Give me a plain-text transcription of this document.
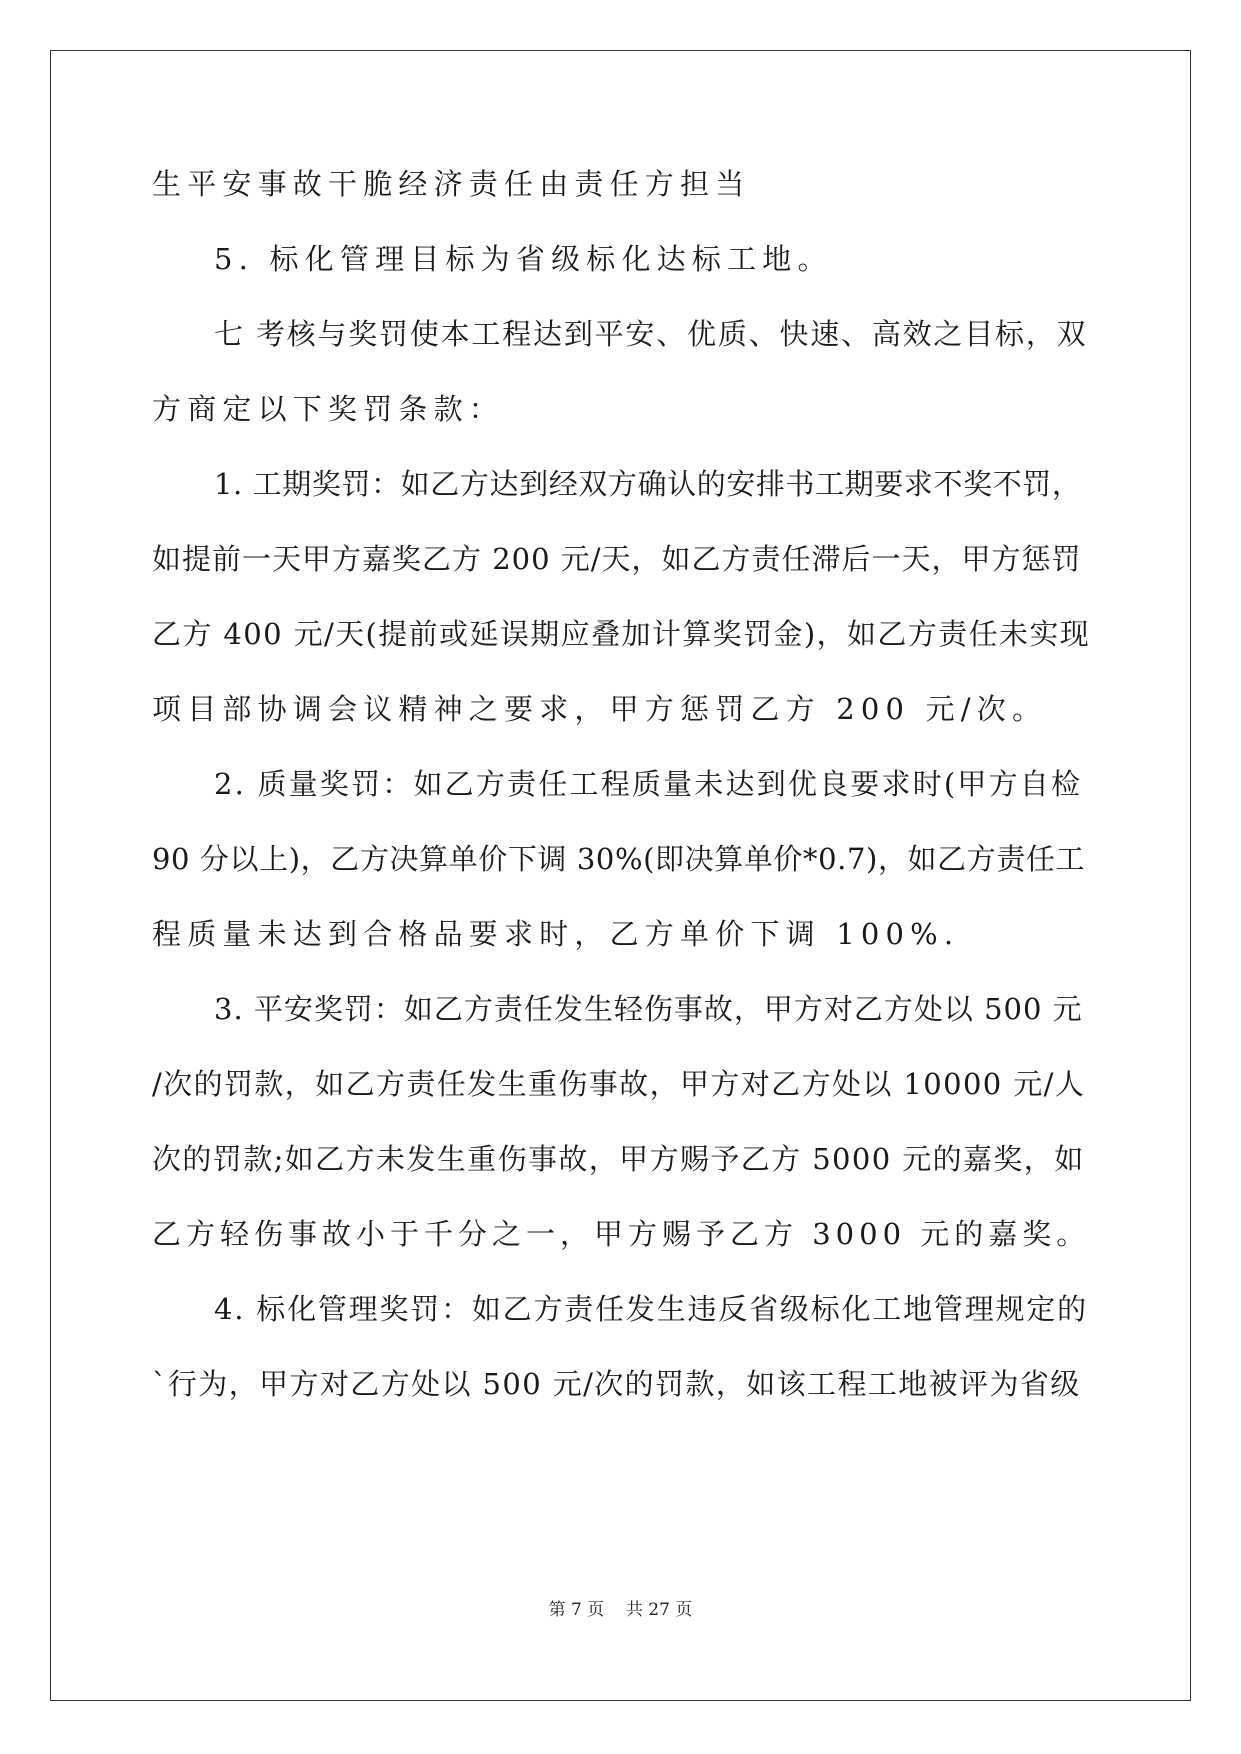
生平安事故干脆经济责任由责任方担当
5. 标化管理目标为省级标化达标工地。
七 考核与奖罚使本工程达到平安、优质、快速、高效之目标，双
方商定以下奖罚条款：
1. 工期奖罚：如乙方达到经双方确认的安排书工期要求不奖不罚，
如提前一天甲方嘉奖乙方 200 元/天，如乙方责任滞后一天，甲方惩罚
乙方 400 元/天(提前或延误期应叠加计算奖罚金)，如乙方责任未实现
项目部协调会议精神之要求，甲方惩罚乙方 200 元/次。
2. 质量奖罚：如乙方责任工程质量未达到优良要求时(甲方自检
90 分以上)，乙方决算单价下调 30%(即决算单价*0.7)，如乙方责任工
程质量未达到合格品要求时，乙方单价下调 100%.
3. 平安奖罚：如乙方责任发生轻伤事故，甲方对乙方处以 500 元
/次的罚款，如乙方责任发生重伤事故，甲方对乙方处以 10000 元/人
次的罚款;如乙方未发生重伤事故，甲方赐予乙方 5000 元的嘉奖，如
乙方轻伤事故小于千分之一，甲方赐予乙方 3000 元的嘉奖。
4. 标化管理奖罚：如乙方责任发生违反省级标化工地管理规定的
`行为，甲方对乙方处以 500 元/次的罚款，如该工程工地被评为省级
第 7 页    共 27 页
